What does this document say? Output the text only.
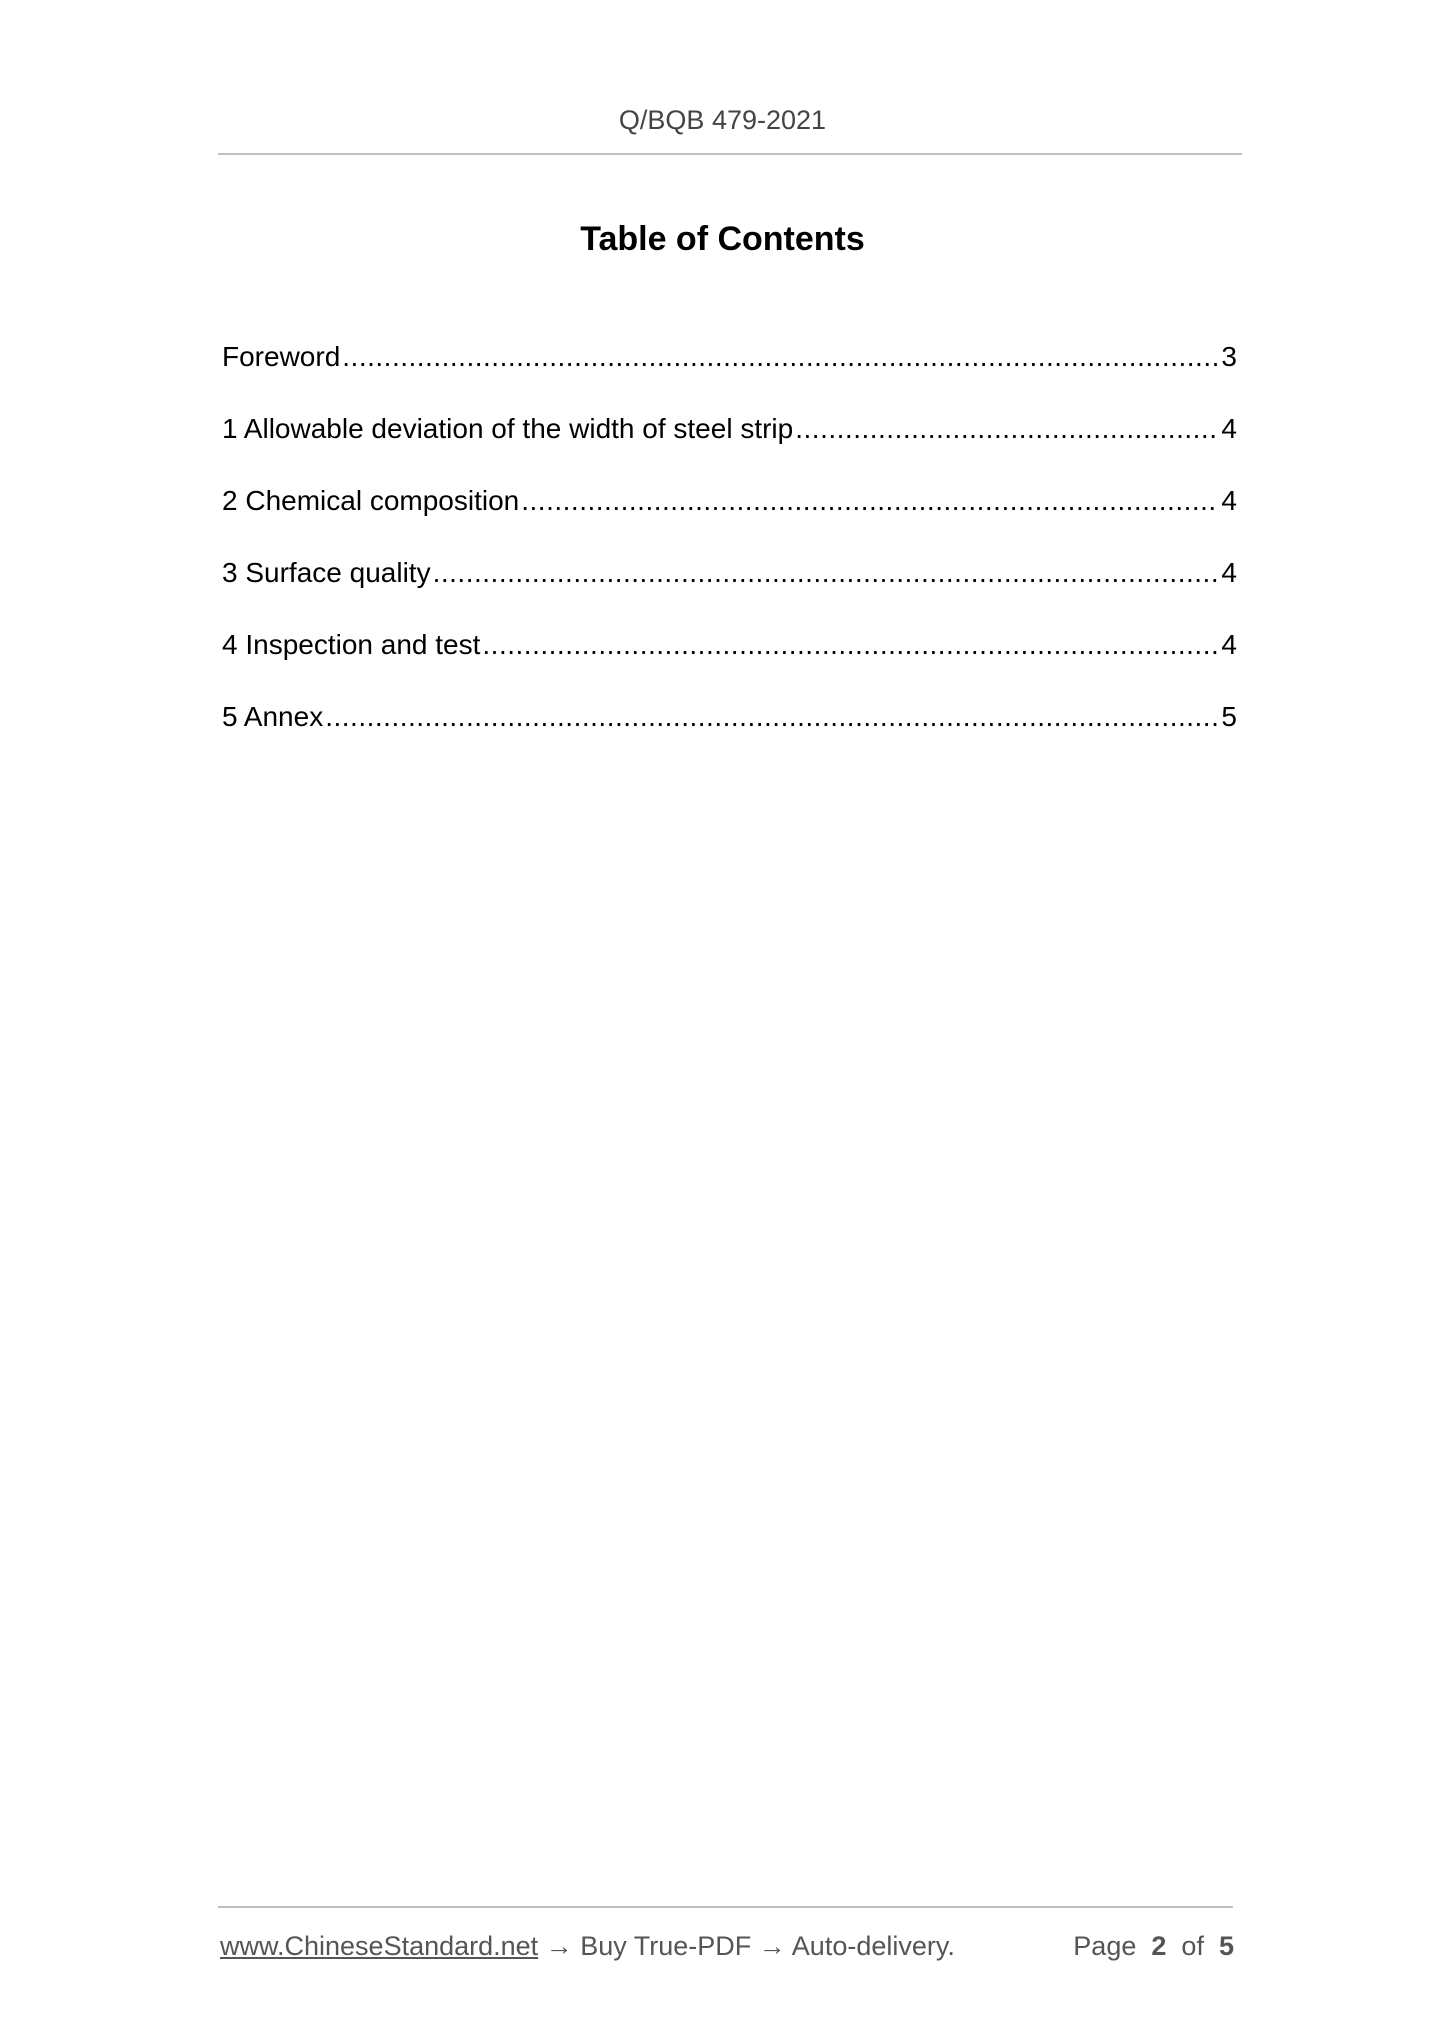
Q/BQB 479-2021
Table of Contents
Foreword .....	3
1 Allowable deviation of the width of steel strip .....	4
2 Chemical composition .....	4
3 Surface quality .....	4
4 Inspection and test .....	4
5 Annex .....	5
www.ChineseStandard.net → Buy True-PDF → Auto-delivery.	Page 2 of 5
